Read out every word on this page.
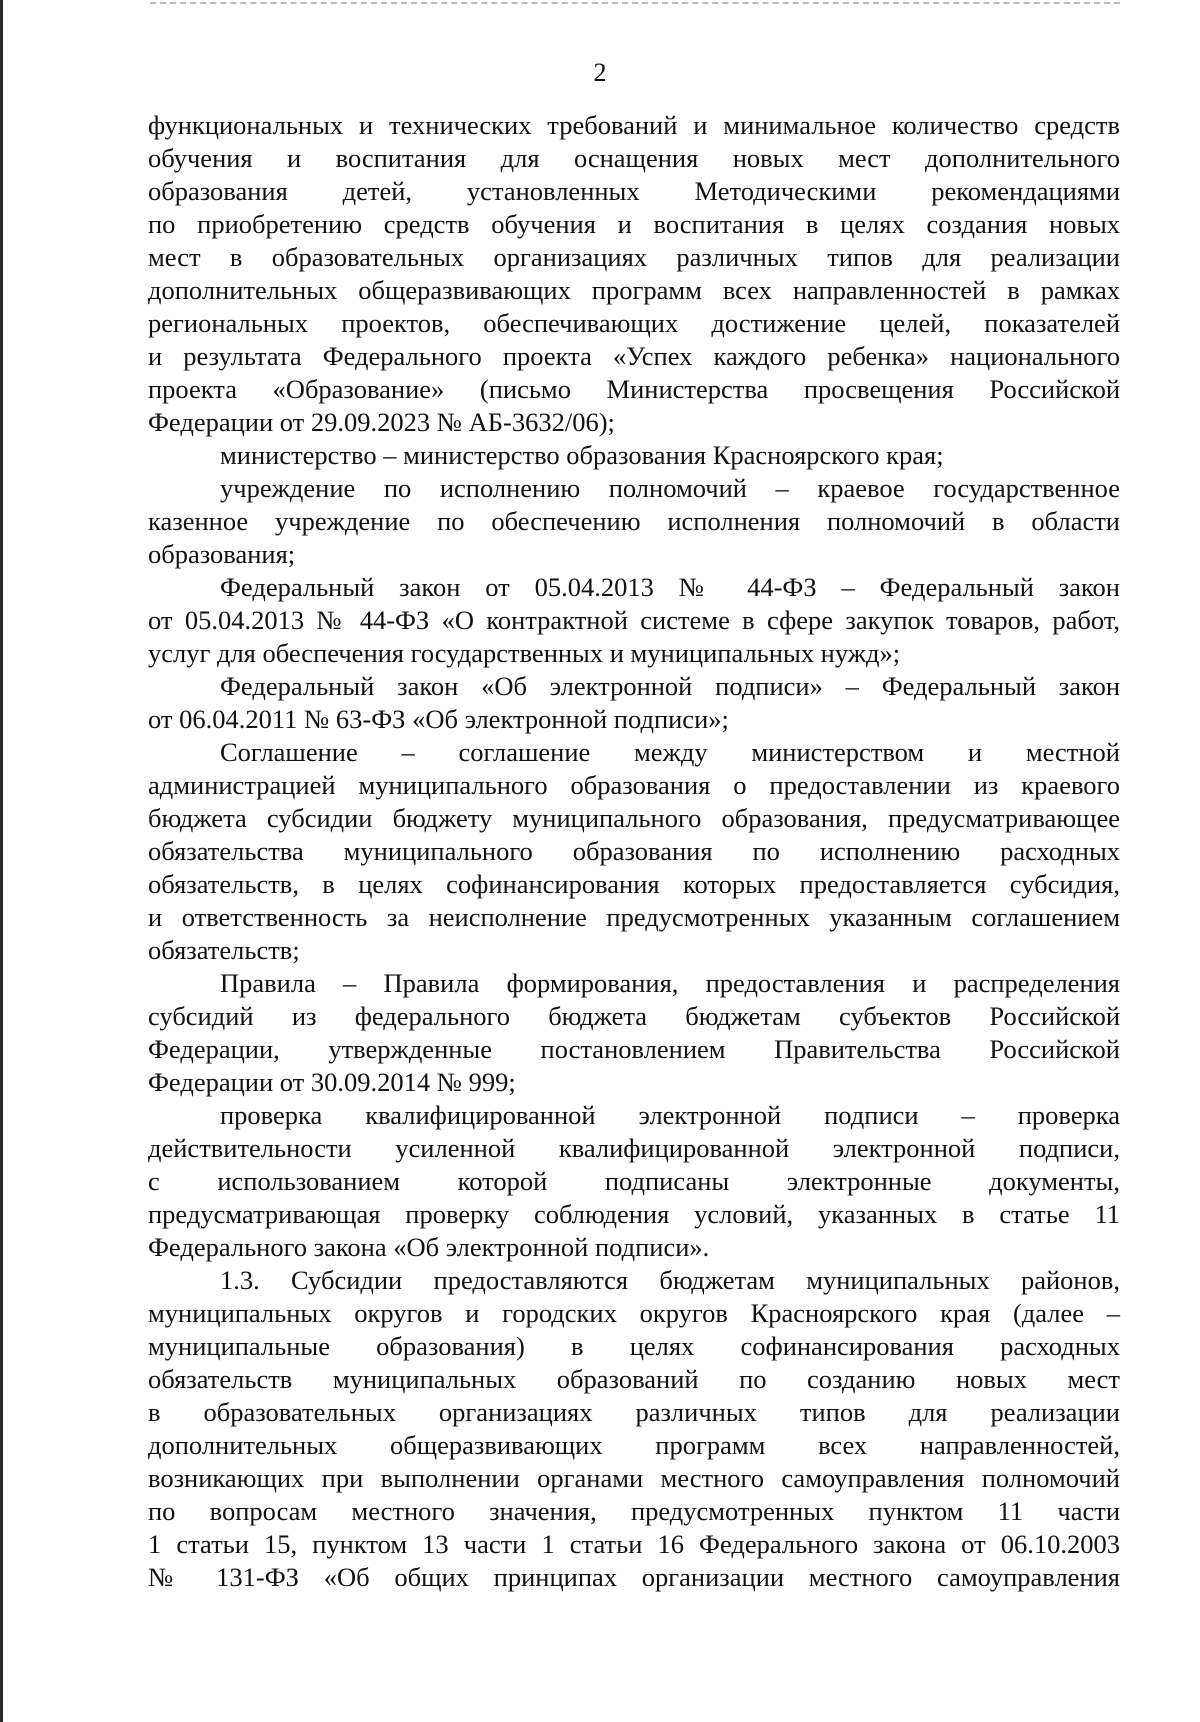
2
функциональных и технических требований и минимальное количество средств
обучения и воспитания для оснащения новых мест дополнительного
образования детей, установленных Методическими рекомендациями
по приобретению средств обучения и воспитания в целях создания новых
мест в образовательных организациях различных типов для реализации
дополнительных общеразвивающих программ всех направленностей в рамках
региональных проектов, обеспечивающих достижение целей, показателей
и результата Федерального проекта «Успех каждого ребенка» национального
проекта «Образование» (письмо Министерства просвещения Российской
Федерации от 29.09.2023 № АБ-3632/06);
министерство – министерство образования Красноярского края;
учреждение по исполнению полномочий – краевое государственное
казенное учреждение по обеспечению исполнения полномочий в области
образования;
Федеральный закон от 05.04.2013 № 44-ФЗ – Федеральный закон
от 05.04.2013 № 44-ФЗ «О контрактной системе в сфере закупок товаров, работ,
услуг для обеспечения государственных и муниципальных нужд»;
Федеральный закон «Об электронной подписи» – Федеральный закон
от 06.04.2011 № 63-ФЗ «Об электронной подписи»;
Соглашение – соглашение между министерством и местной
администрацией муниципального образования о предоставлении из краевого
бюджета субсидии бюджету муниципального образования, предусматривающее
обязательства муниципального образования по исполнению расходных
обязательств, в целях софинансирования которых предоставляется субсидия,
и ответственность за неисполнение предусмотренных указанным соглашением
обязательств;
Правила – Правила формирования, предоставления и распределения
субсидий из федерального бюджета бюджетам субъектов Российской
Федерации, утвержденные постановлением Правительства Российской
Федерации от 30.09.2014 № 999;
проверка квалифицированной электронной подписи – проверка
действительности усиленной квалифицированной электронной подписи,
с использованием которой подписаны электронные документы,
предусматривающая проверку соблюдения условий, указанных в статье 11
Федерального закона «Об электронной подписи».
1.3. Субсидии предоставляются бюджетам муниципальных районов,
муниципальных округов и городских округов Красноярского края (далее –
муниципальные образования) в целях софинансирования расходных
обязательств муниципальных образований по созданию новых мест
в образовательных организациях различных типов для реализации
дополнительных общеразвивающих программ всех направленностей,
возникающих при выполнении органами местного самоуправления полномочий
по вопросам местного значения, предусмотренных пунктом 11 части
1 статьи 15, пунктом 13 части 1 статьи 16 Федерального закона от 06.10.2003
№ 131-ФЗ «Об общих принципах организации местного самоуправления
